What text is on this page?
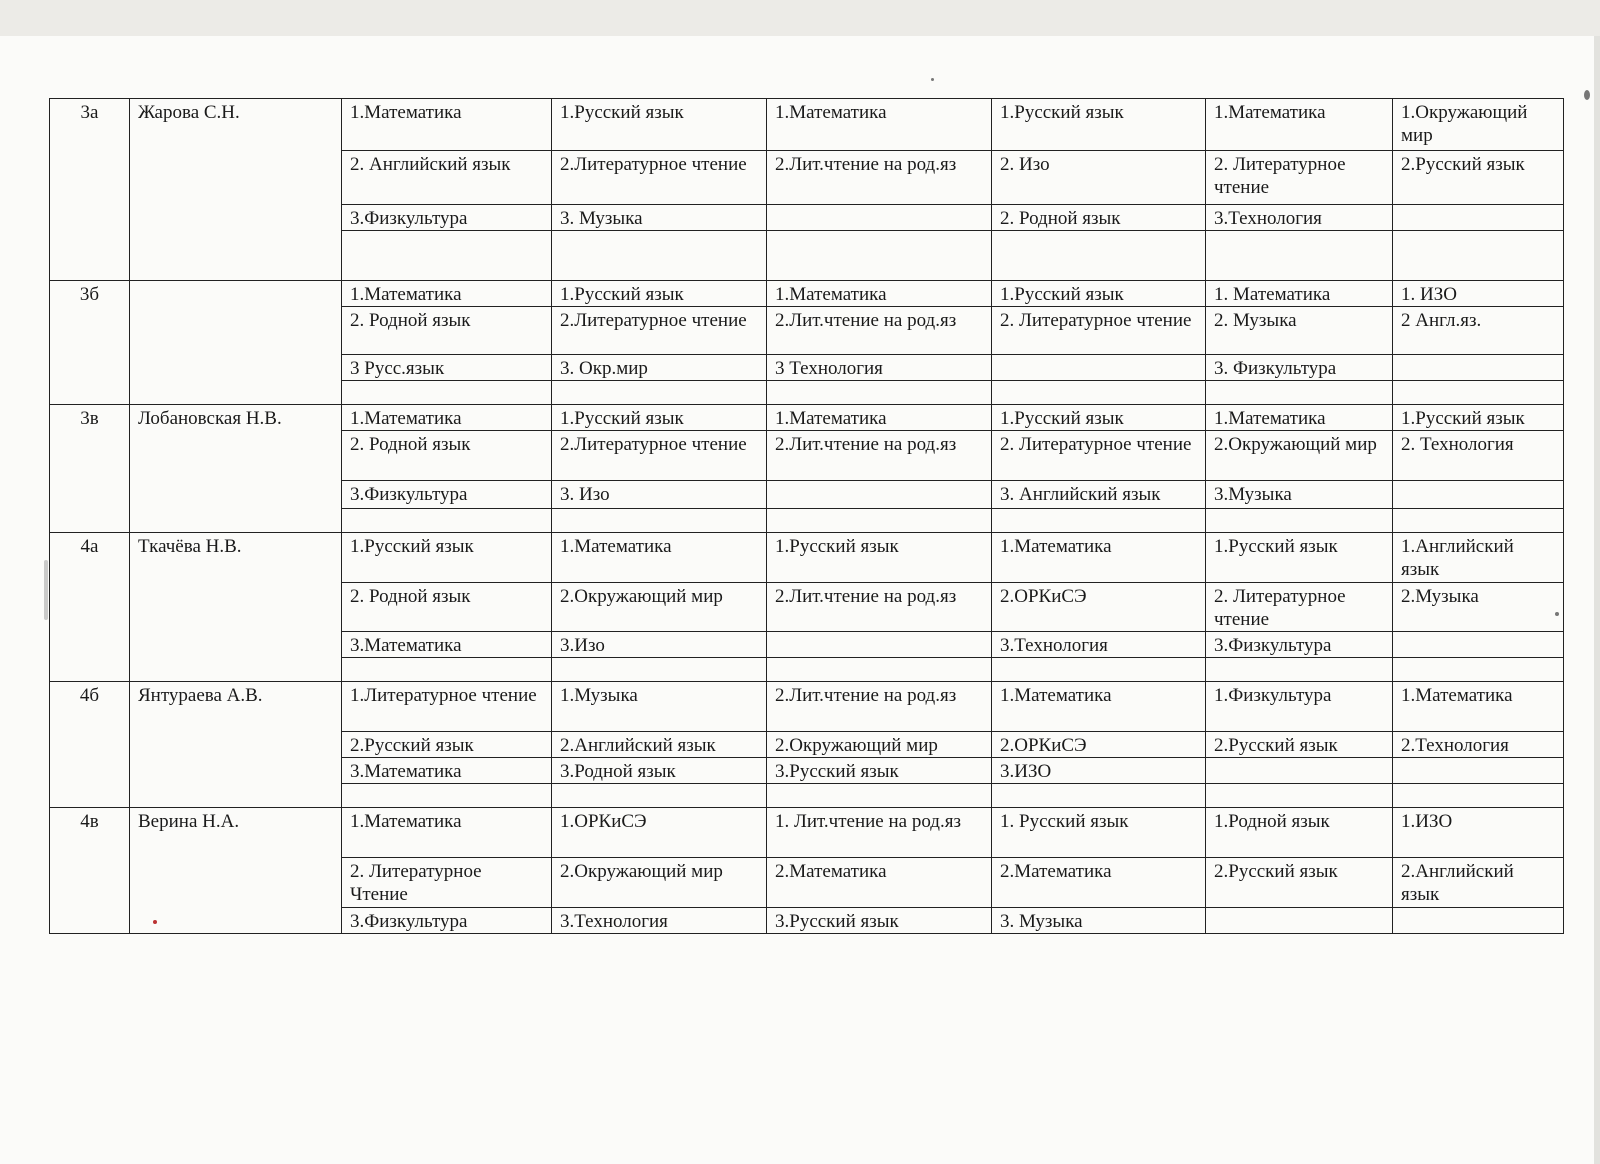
3а	Жарова С.Н.	1.Математика	1.Русский язык	1.Математика	1.Русский язык	1.Математика	1.Окружающий мир
		2. Английский язык	2.Литературное чтение	2.Лит.чтение на род.яз	2. Изо	2. Литературное чтение	2.Русский язык
		3.Физкультура	3. Музыка		2. Родной язык	3.Технология	

3б		1.Математика	1.Русский язык	1.Математика	1.Русский язык	1. Математика	1. ИЗО
		2. Родной язык	2.Литературное чтение	2.Лит.чтение на род.яз	2. Литературное чтение	2. Музыка	2 Англ.яз.
		3 Русс.язык	3. Окр.мир	3 Технология		3. Физкультура	

3в	Лобановская Н.В.	1.Математика	1.Русский язык	1.Математика	1.Русский язык	1.Математика	1.Русский язык
		2. Родной язык	2.Литературное чтение	2.Лит.чтение на род.яз	2. Литературное чтение	2.Окружающий мир	2. Технология
		3.Физкультура	3. Изо		3. Английский язык	3.Музыка	

4а	Ткачёва Н.В.	1.Русский язык	1.Математика	1.Русский язык	1.Математика	1.Русский язык	1.Английский язык
		2. Родной язык	2.Окружающий мир	2.Лит.чтение на род.яз	2.ОРКиСЭ	2. Литературное чтение	2.Музыка
		3.Математика	3.Изо		3.Технология	3.Физкультура	

4б	Янтураева А.В.	1.Литературное чтение	1.Музыка	2.Лит.чтение на род.яз	1.Математика	1.Физкультура	1.Математика
		2.Русский язык	2.Английский язык	2.Окружающий мир	2.ОРКиСЭ	2.Русский язык	2.Технология
		3.Математика	3.Родной язык	3.Русский язык	3.ИЗО		

4в	Верина Н.А.	1.Математика	1.ОРКиСЭ	1. Лит.чтение на род.яз	1. Русский язык	1.Родной язык	1.ИЗО
		2. Литературное Чтение	2.Окружающий мир	2.Математика	2.Математика	2.Русский язык	2.Английский язык
		3.Физкультура	3.Технология	3.Русский язык	3. Музыка		
